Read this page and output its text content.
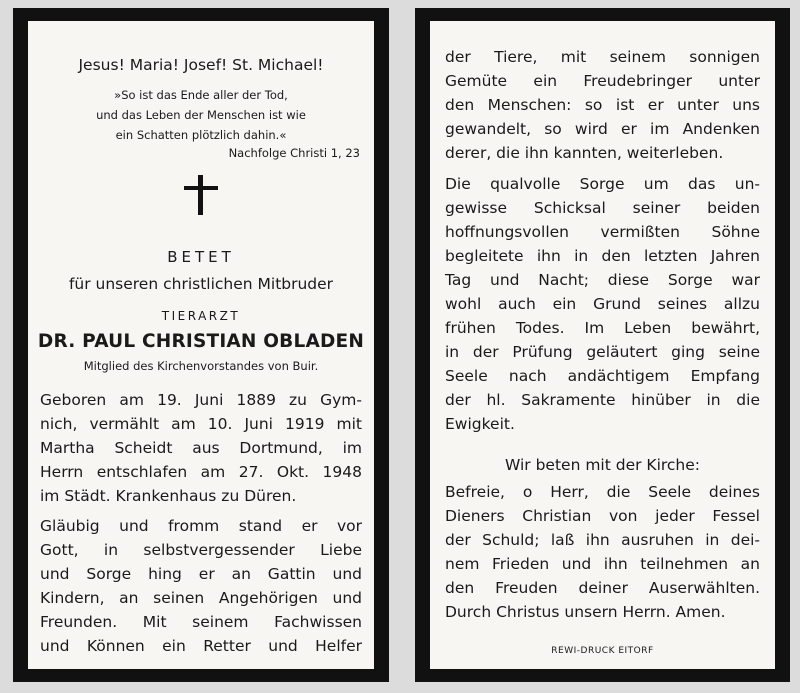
Jesus! Maria! Josef! St. Michael!
»So ist das Ende aller der Tod,
und das Leben der Menschen ist wie
ein Schatten plötzlich dahin.«
Nachfolge Christi 1, 23
BETET
für unseren christlichen Mitbruder
TIERARZT
DR. PAUL CHRISTIAN OBLADEN
Mitglied des Kirchenvorstandes von Buir.
Geboren am 19. Juni 1889 zu Gym-
nich, vermählt am 10. Juni 1919 mit
Martha Scheidt aus Dortmund, im
Herrn entschlafen am 27. Okt. 1948
im Städt. Krankenhaus zu Düren.
Gläubig und fromm stand er vor
Gott, in selbstvergessender Liebe
und Sorge hing er an Gattin und
Kindern, an seinen Angehörigen und
Freunden. Mit seinem Fachwissen
und Können ein Retter und Helfer
der Tiere, mit seinem sonnigen
Gemüte ein Freudebringer unter
den Menschen: so ist er unter uns
gewandelt, so wird er im Andenken
derer, die ihn kannten, weiterleben.
Die qualvolle Sorge um das un-
gewisse Schicksal seiner beiden
hoffnungsvollen vermißten Söhne
begleitete ihn in den letzten Jahren
Tag und Nacht; diese Sorge war
wohl auch ein Grund seines allzu
frühen Todes. Im Leben bewährt,
in der Prüfung geläutert ging seine
Seele nach andächtigem Empfang
der hl. Sakramente hinüber in die
Ewigkeit.
Wir beten mit der Kirche:
Befreie, o Herr, die Seele deines
Dieners Christian von jeder Fessel
der Schuld; laß ihn ausruhen in dei-
nem Frieden und ihn teilnehmen an
den Freuden deiner Auserwählten.
Durch Christus unsern Herrn. Amen.
REWI-DRUCK EITORF
